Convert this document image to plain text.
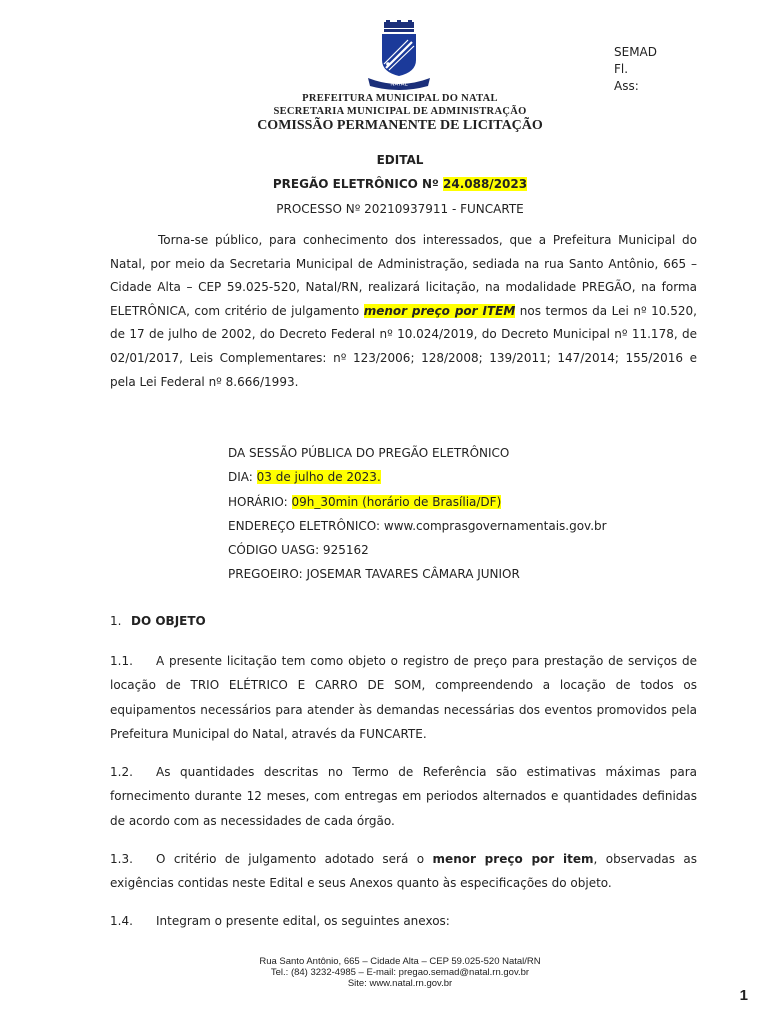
NATAL
SEMAD
Fl.
Ass:
PREFEITURA MUNICIPAL DO NATAL
SECRETARIA MUNICIPAL DE ADMINISTRAÇÃO
COMISSÃO PERMANENTE DE LICITAÇÃO
EDITAL
PREGÃO ELETRÔNICO Nº 24.088/2023
PROCESSO Nº 20210937911 - FUNCARTE
Torna-se público, para conhecimento dos interessados, que a Prefeitura Municipal do Natal, por meio da Secretaria Municipal de Administração, sediada na rua Santo Antônio, 665 – Cidade Alta – CEP 59.025-520, Natal/RN, realizará licitação, na modalidade PREGÃO, na forma ELETRÔNICA, com critério de julgamento menor preço por ITEM nos termos da Lei nº 10.520, de 17 de julho de 2002, do Decreto Federal nº 10.024/2019, do Decreto Municipal nº 11.178, de 02/01/2017, Leis Complementares: nº 123/2006; 128/2008; 139/2011; 147/2014; 155/2016 e pela Lei Federal nº 8.666/1993.
DA SESSÃO PÚBLICA DO PREGÃO ELETRÔNICO
DIA: 03 de julho de 2023.
HORÁRIO: 09h_30min (horário de Brasília/DF)
ENDEREÇO ELETRÔNICO: www.comprasgovernamentais.gov.br
CÓDIGO UASG: 925162
PREGOEIRO: JOSEMAR TAVARES CÂMARA JUNIOR
1. DO OBJETO
1.1. A presente licitação tem como objeto o registro de preço para prestação de serviços de locação de TRIO ELÉTRICO E CARRO DE SOM, compreendendo a locação de todos os equipamentos necessários para atender às demandas necessárias dos eventos promovidos pela Prefeitura Municipal do Natal, através da FUNCARTE.
1.2. As quantidades descritas no Termo de Referência são estimativas máximas para fornecimento durante 12 meses, com entregas em periodos alternados e quantidades definidas de acordo com as necessidades de cada órgão.
1.3. O critério de julgamento adotado será o menor preço por item, observadas as exigências contidas neste Edital e seus Anexos quanto às especificações do objeto.
1.4. Integram o presente edital, os seguintes anexos:
Rua Santo Antônio, 665 – Cidade Alta – CEP 59.025-520 Natal/RN
Tel.: (84) 3232-4985 – E-mail: pregao.semad@natal.rn.gov.br
Site: www.natal.rn.gov.br
1
